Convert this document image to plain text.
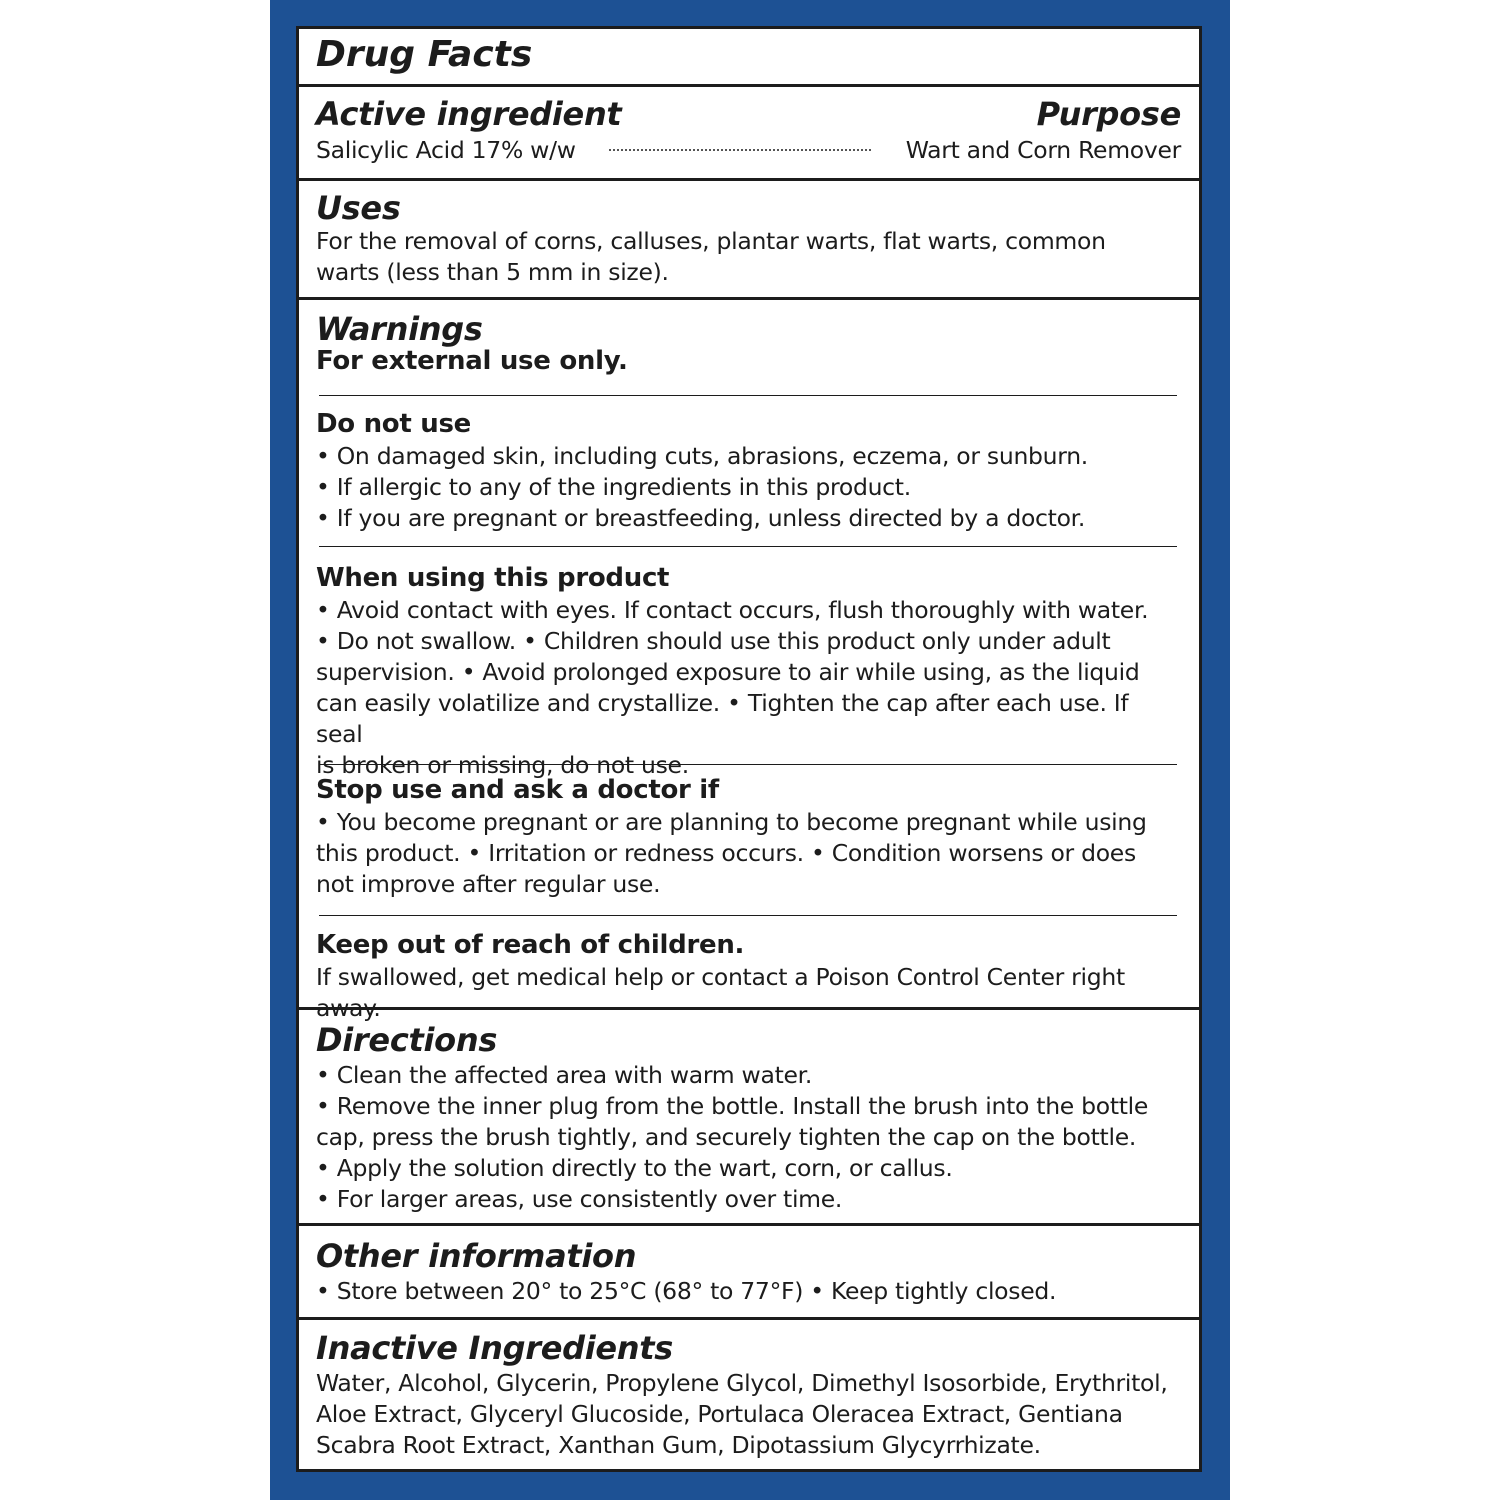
Drug Facts
Active ingredient	Purpose
Salicylic Acid 17% w/w	Wart and Corn Remover
Uses
For the removal of corns, calluses, plantar warts, flat warts, common
warts (less than 5 mm in size).
Warnings
For external use only.
Do not use
• On damaged skin, including cuts, abrasions, eczema, or sunburn.
• If allergic to any of the ingredients in this product.
• If you are pregnant or breastfeeding, unless directed by a doctor.
When using this product
• Avoid contact with eyes. If contact occurs, flush thoroughly with water.
• Do not swallow. • Children should use this product only under adult
supervision. • Avoid prolonged exposure to air while using, as the liquid
can easily volatilize and crystallize. • Tighten the cap after each use. If seal
is broken or missing, do not use.
Stop use and ask a doctor if
• You become pregnant or are planning to become pregnant while using
this product. • Irritation or redness occurs. • Condition worsens or does
not improve after regular use.
Keep out of reach of children.
If swallowed, get medical help or contact a Poison Control Center right away.
Directions
• Clean the affected area with warm water.
• Remove the inner plug from the bottle. Install the brush into the bottle
cap, press the brush tightly, and securely tighten the cap on the bottle.
• Apply the solution directly to the wart, corn, or callus.
• For larger areas, use consistently over time.
Other information
• Store between 20° to 25°C (68° to 77°F) • Keep tightly closed.
Inactive Ingredients
Water, Alcohol, Glycerin, Propylene Glycol, Dimethyl Isosorbide, Erythritol,
Aloe Extract, Glyceryl Glucoside, Portulaca Oleracea Extract, Gentiana
Scabra Root Extract, Xanthan Gum, Dipotassium Glycyrrhizate.
